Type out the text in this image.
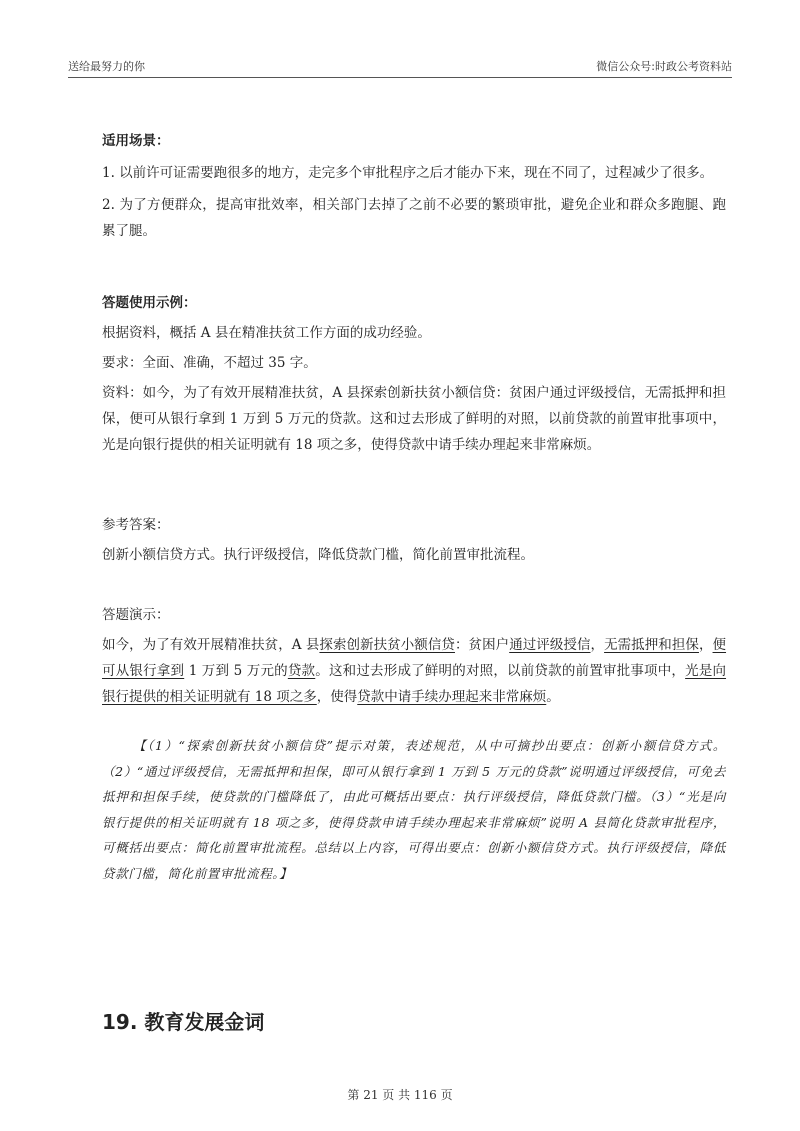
送给最努力的你	微信公众号:时政公考资料站

适用场景：

1. 以前许可证需要跑很多的地方，走完多个审批程序之后才能办下来，现在不同了，过程减少了很多。

2. 为了方便群众，提高审批效率，相关部门去掉了之前不必要的繁琐审批，避免企业和群众多跑腿、跑累了腿。

答题使用示例：

根据资料，概括 A 县在精准扶贫工作方面的成功经验。

要求：全面、准确，不超过 35 字。

资料：如今，为了有效开展精准扶贫，A 县探索创新扶贫小额信贷：贫困户通过评级授信，无需抵押和担保，便可从银行拿到 1 万到 5 万元的贷款。这和过去形成了鲜明的对照，以前贷款的前置审批事项中，光是向银行提供的相关证明就有 18 项之多，使得贷款中请手续办理起来非常麻烦。

参考答案：

创新小额信贷方式。执行评级授信，降低贷款门槛，简化前置审批流程。

答题演示：

如今，为了有效开展精准扶贫，A 县探索创新扶贫小额信贷：贫困户通过评级授信，无需抵押和担保，便可从银行拿到 1 万到 5 万元的贷款。这和过去形成了鲜明的对照，以前贷款的前置审批事项中，光是向银行提供的相关证明就有 18 项之多，使得贷款中请手续办理起来非常麻烦。

【（1）“探索创新扶贫小额信贷”提示对策，表述规范，从中可摘抄出要点：创新小额信贷方式。（2）“通过评级授信，无需抵押和担保，即可从银行拿到 1 万到 5 万元的贷款”说明通过评级授信，可免去抵押和担保手续，使贷款的门槛降低了，由此可概括出要点：执行评级授信，降低贷款门槛。（3）“光是向银行提供的相关证明就有 18 项之多，使得贷款申请手续办理起来非常麻烦”说明 A 县简化贷款审批程序，可概括出要点：简化前置审批流程。总结以上内容，可得出要点：创新小额信贷方式。执行评级授信，降低贷款门槛，简化前置审批流程。】

19. 教育发展金词
第 21 页 共 116 页
